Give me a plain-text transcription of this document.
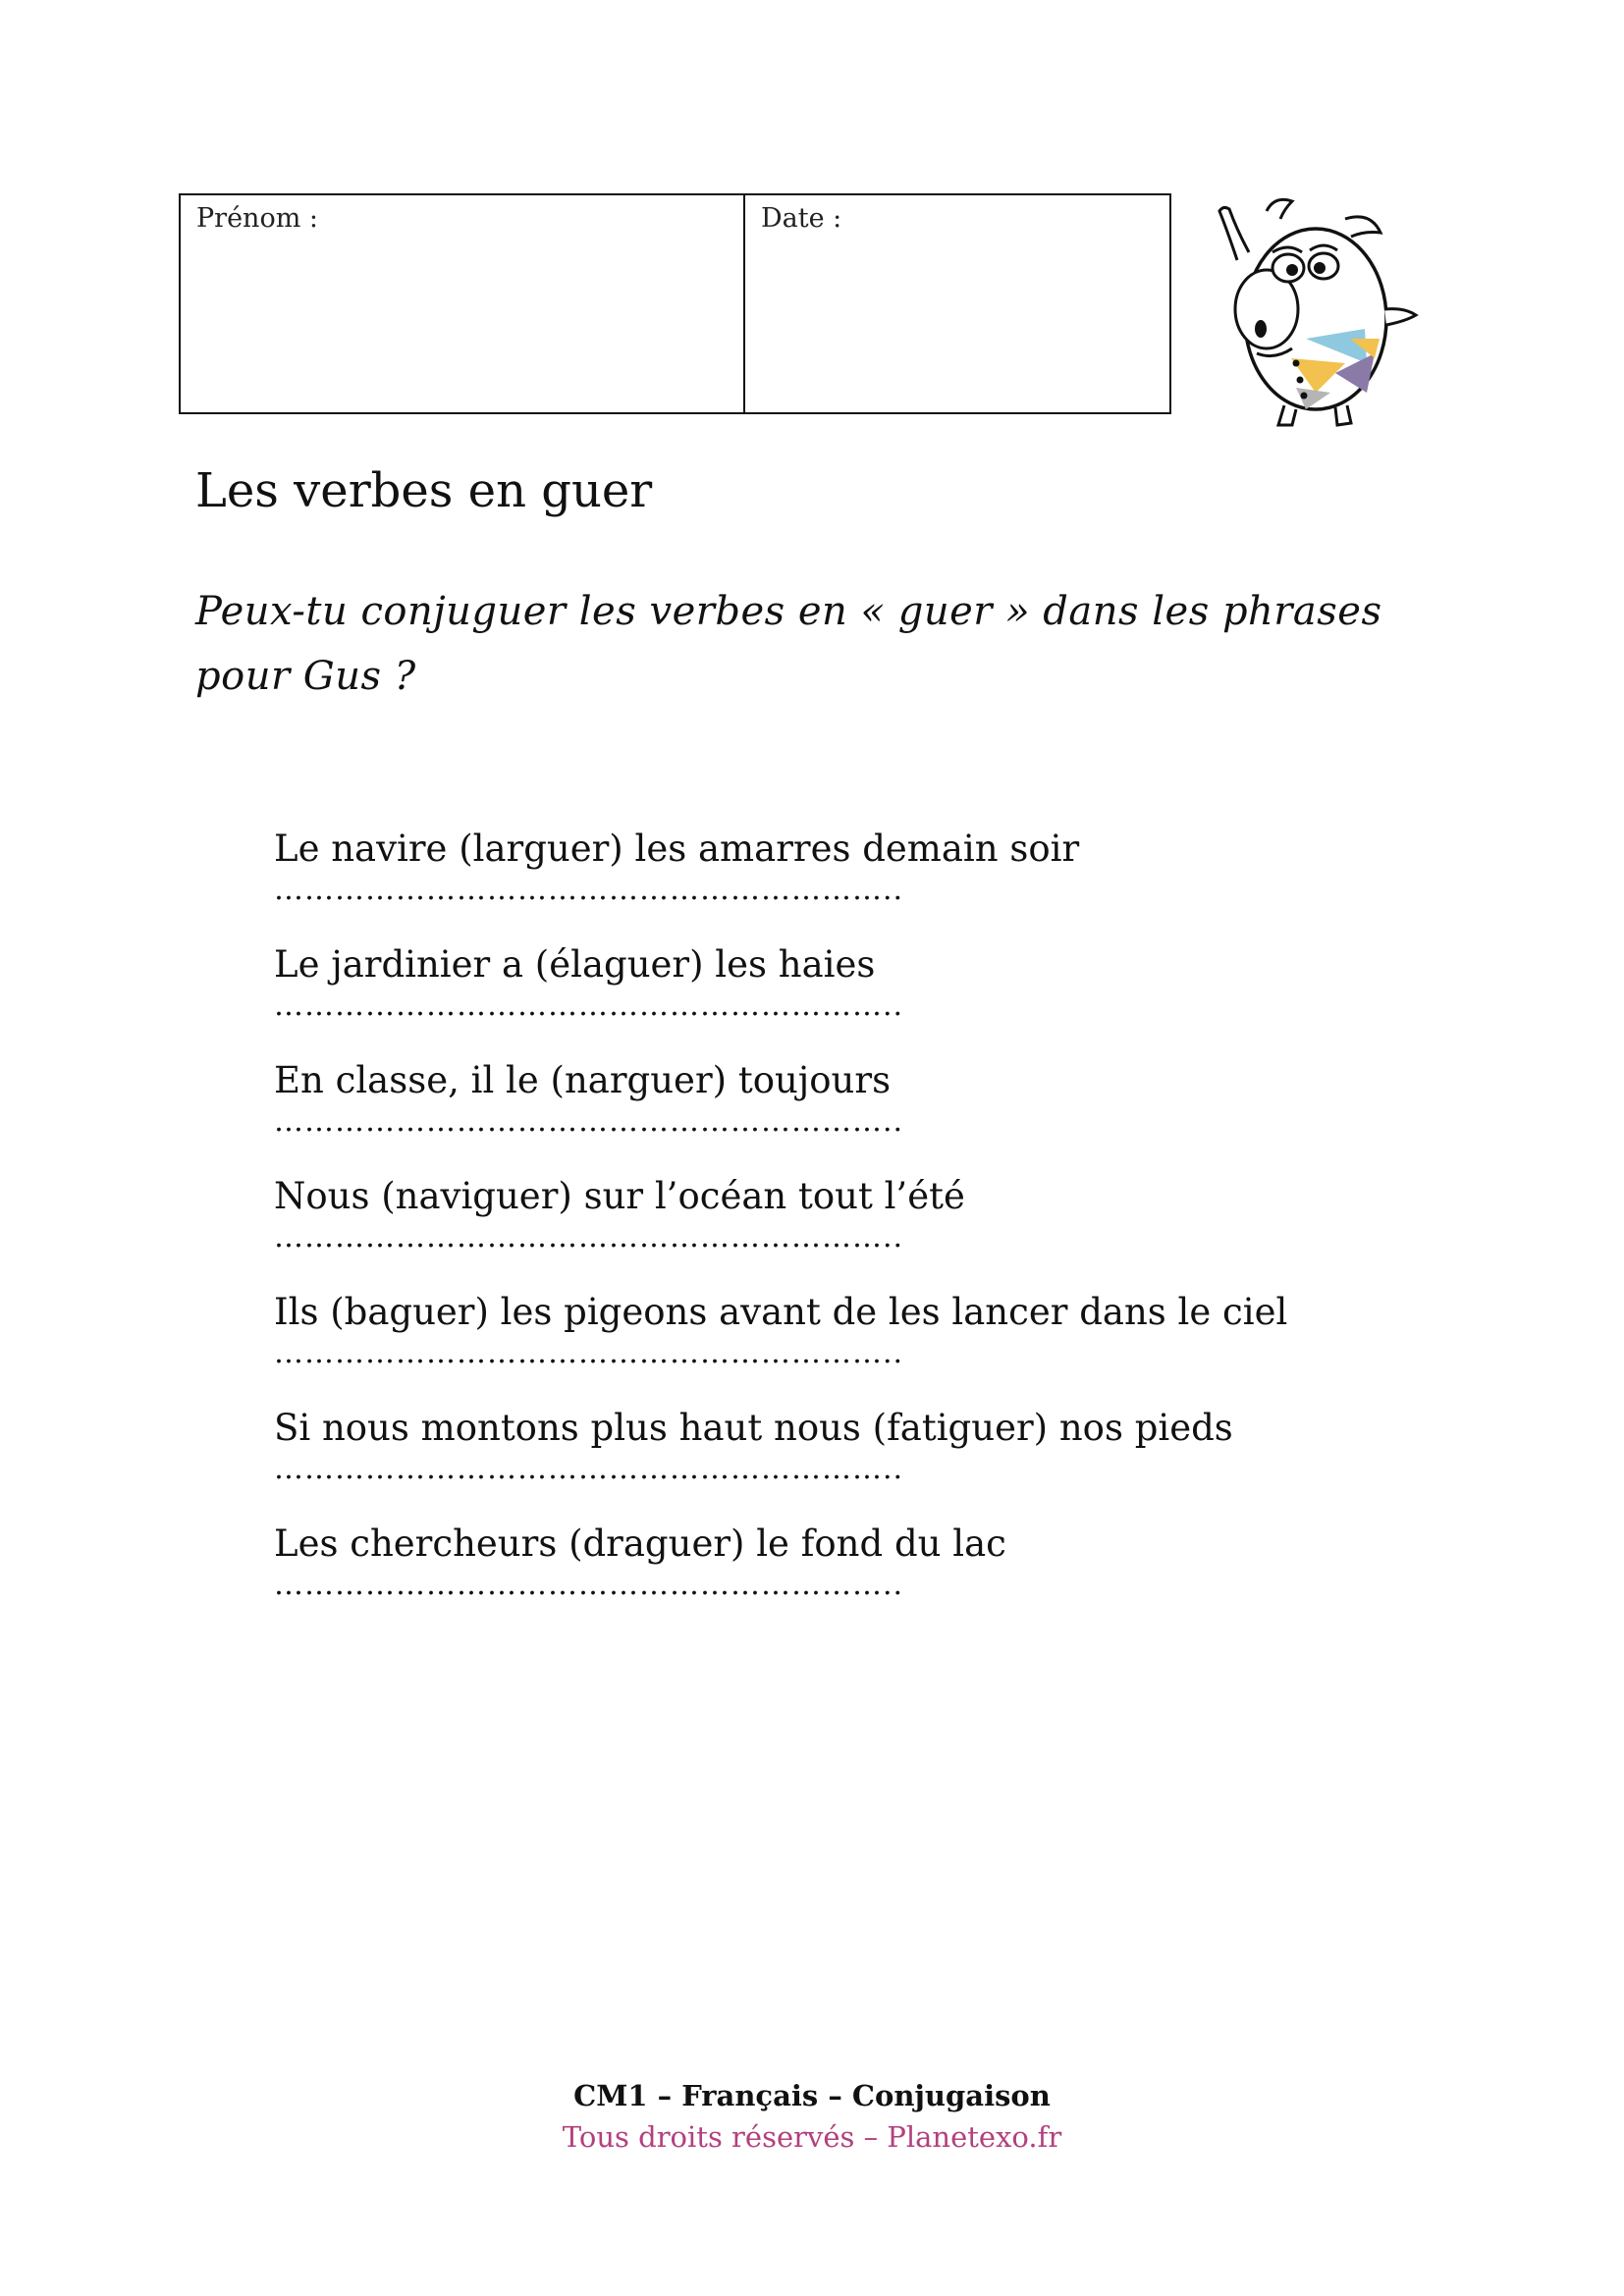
Prénom :	Date :
Les verbes en guer
Peux-tu conjuguer les verbes en « guer » dans les phrases pour Gus ?
Le navire (larguer) les amarres demain soir
……………………………………………………..
Le jardinier a (élaguer) les haies
……………………………………………………..
En classe, il le (narguer) toujours
……………………………………………………..
Nous (naviguer) sur l’océan tout l’été
……………………………………………………..
Ils (baguer) les pigeons avant de les lancer dans le ciel
……………………………………………………..
Si nous montons plus haut nous (fatiguer) nos pieds
……………………………………………………..
Les chercheurs (draguer) le fond du lac
……………………………………………………..
CM1 – Français – Conjugaison
Tous droits réservés – Planetexo.fr
